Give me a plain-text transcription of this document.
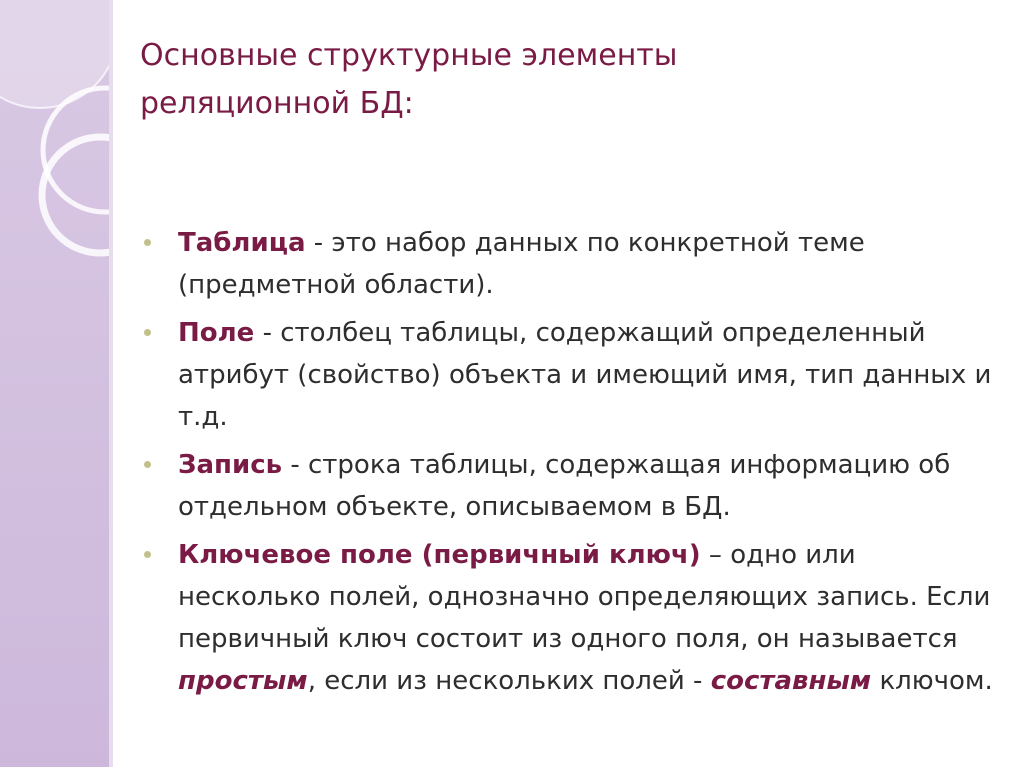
Основные структурные элементы
реляционной БД:
Таблица - это набор данных по конкретной теме (предметной области).
Поле - столбец таблицы, содержащий определенный атрибут (свойство) объекта и имеющий имя, тип данных и т.д.
Запись - строка таблицы, содержащая информацию об отдельном объекте, описываемом в БД.
Ключевое поле (первичный ключ) – одно или несколько полей, однозначно определяющих запись. Если первичный ключ состоит из одного поля, он называется простым, если из нескольких полей - составным ключом.
